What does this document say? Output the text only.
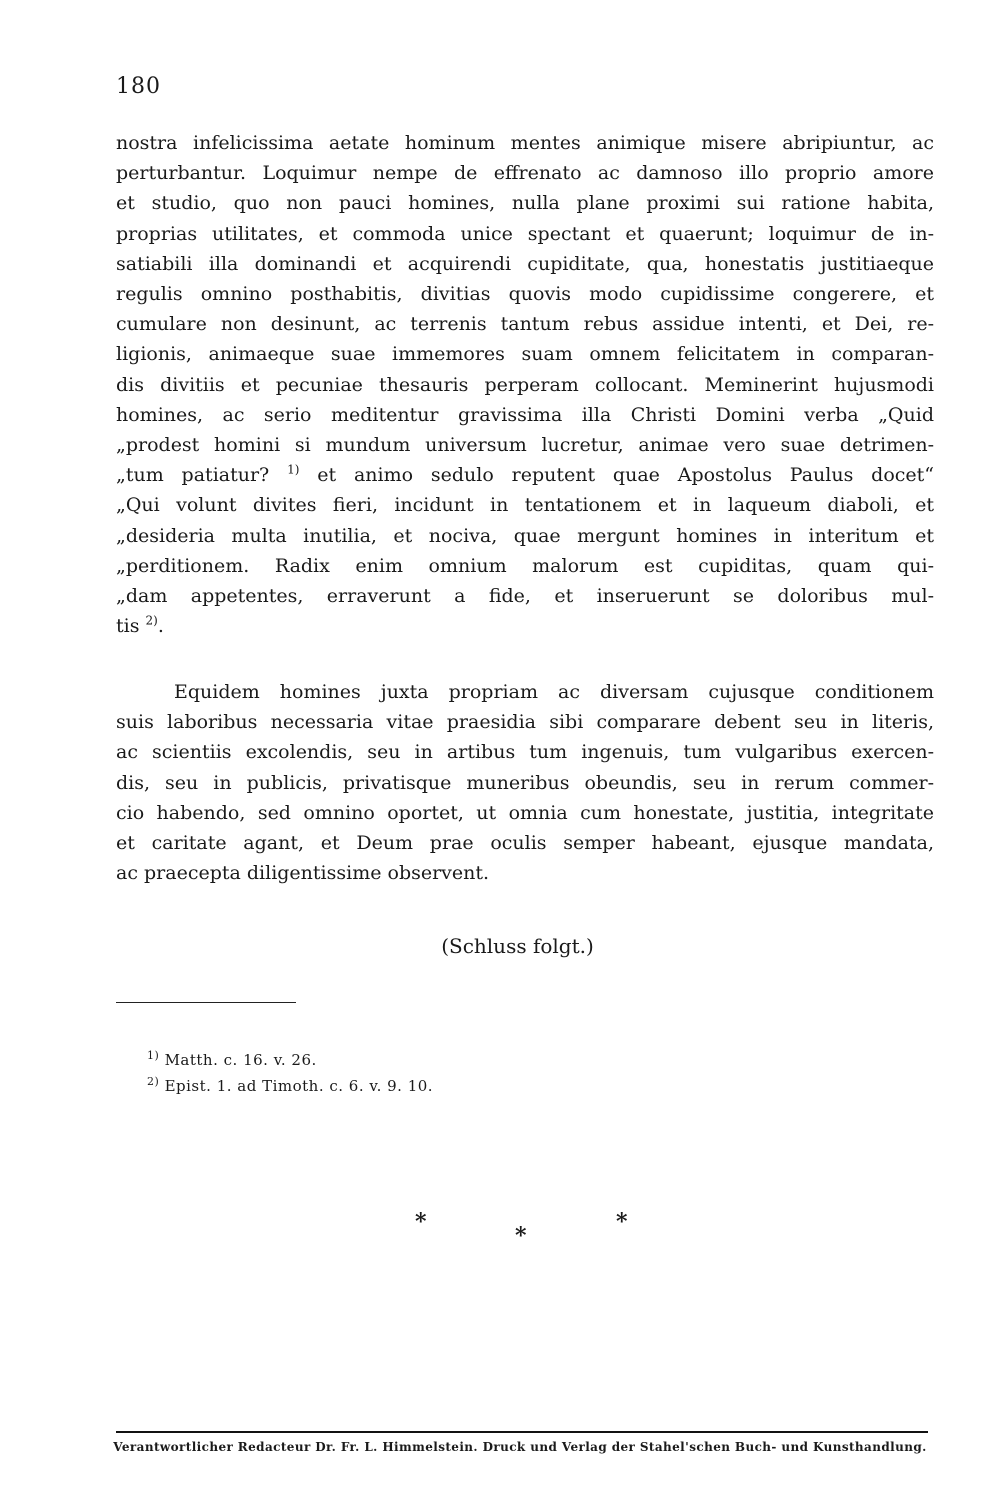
180
nostra infelicissima aetate hominum mentes animique misere abripiuntur, ac
perturbantur. Loquimur nempe de effrenato ac damnoso illo proprio amore
et studio, quo non pauci homines, nulla plane proximi sui ratione habita,
proprias utilitates, et commoda unice spectant et quaerunt; loquimur de in-
satiabili illa dominandi et acquirendi cupiditate, qua, honestatis justitiaeque
regulis omnino posthabitis, divitias quovis modo cupidissime congerere, et
cumulare non desinunt, ac terrenis tantum rebus assidue intenti, et Dei, re-
ligionis, animaeque suae immemores suam omnem felicitatem in comparan-
dis divitiis et pecuniae thesauris perperam collocant. Meminerint hujusmodi
homines, ac serio meditentur gravissima illa Christi Domini verba „Quid
„prodest homini si mundum universum lucretur, animae vero suae detrimen-
„tum patiatur? $^{1)}$ et animo sedulo reputent quae Apostolus Paulus docet“
„Qui volunt divites fieri, incidunt in tentationem et in laqueum diaboli, et
„desideria multa inutilia, et nociva, quae mergunt homines in interitum et
„perditionem. Radix enim omnium malorum est cupiditas, quam qui-
„dam appetentes, erraverunt a fide, et inseruerunt se doloribus mul-
tis $^{2)}$.
Equidem homines juxta propriam ac diversam cujusque conditionem
suis laboribus necessaria vitae praesidia sibi comparare debent seu in literis,
ac scientiis excolendis, seu in artibus tum ingenuis, tum vulgaribus exercen-
dis, seu in publicis, privatisque muneribus obeundis, seu in rerum commer-
cio habendo, sed omnino oportet, ut omnia cum honestate, justitia, integritate
et caritate agant, et Deum prae oculis semper habeant, ejusque mandata,
ac praecepta diligentissime observent.
(Schluss folgt.)
$^{1)}$ Matth. c. 16. v. 26.
$^{2)}$ Epist. 1. ad Timoth. c. 6. v. 9. 10.
*
*
*
Verantwortlicher Redacteur Dr. Fr. L. Himmelstein. Druck und Verlag der Stahel'schen Buch- und Kunsthandlung.
